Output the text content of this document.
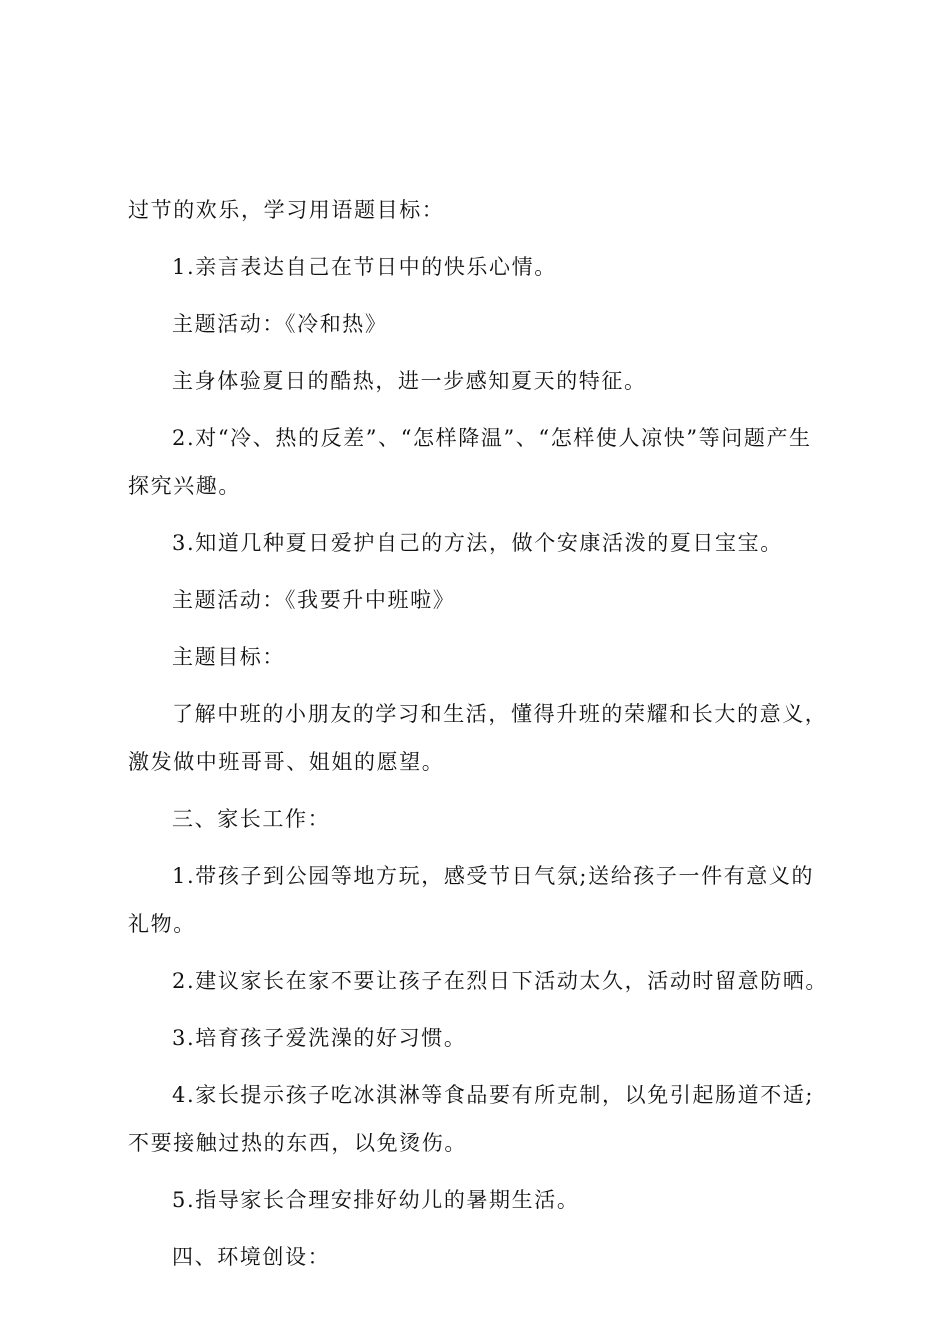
过节的欢乐，学习用语题目标：

1.亲言表达自己在节日中的快乐心情。

主题活动：《冷和热》

主身体验夏日的酷热，进一步感知夏天的特征。

2.对“冷、热的反差”、“怎样降温”、“怎样使人凉快”等问题产生探究兴趣。

3.知道几种夏日爱护自己的方法，做个安康活泼的夏日宝宝。

主题活动：《我要升中班啦》

主题目标：

了解中班的小朋友的学习和生活，懂得升班的荣耀和长大的意义，激发做中班哥哥、姐姐的愿望。

三、家长工作：

1.带孩子到公园等地方玩，感受节日气氛;送给孩子一件有意义的礼物。

2.建议家长在家不要让孩子在烈日下活动太久，活动时留意防晒。

3.培育孩子爱洗澡的好习惯。

4.家长提示孩子吃冰淇淋等食品要有所克制，以免引起肠道不适;不要接触过热的东西，以免烫伤。

5.指导家长合理安排好幼儿的暑期生活。

四、环境创设：
